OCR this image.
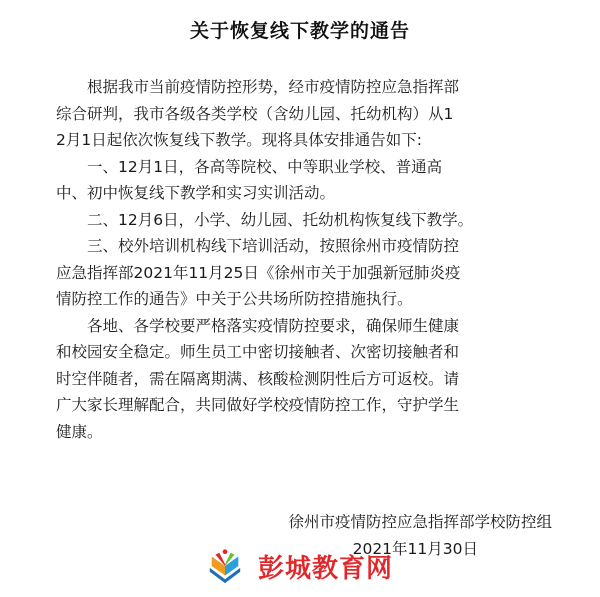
关于恢复线下教学的通告
根据我市当前疫情防控形势，经市疫情防控应急指挥部
综合研判，我市各级各类学校（含幼儿园、托幼机构）从1
2月1日起依次恢复线下教学。现将具体安排通告如下:
一、12月1日，各高等院校、中等职业学校、普通高
中、初中恢复线下教学和实习实训活动。
二、12月6日，小学、幼儿园、托幼机构恢复线下教学。
三、校外培训机构线下培训活动，按照徐州市疫情防控
应急指挥部2021年11月25日《徐州市关于加强新冠肺炎疫
情防控工作的通告》中关于公共场所防控措施执行。
各地、各学校要严格落实疫情防控要求，确保师生健康
和校园安全稳定。师生员工中密切接触者、次密切接触者和
时空伴随者，需在隔离期满、核酸检测阴性后方可返校。请
广大家长理解配合，共同做好学校疫情防控工作，守护学生
健康。
徐州市疫情防控应急指挥部学校防控组
2021年11月30日
彭城教育网
